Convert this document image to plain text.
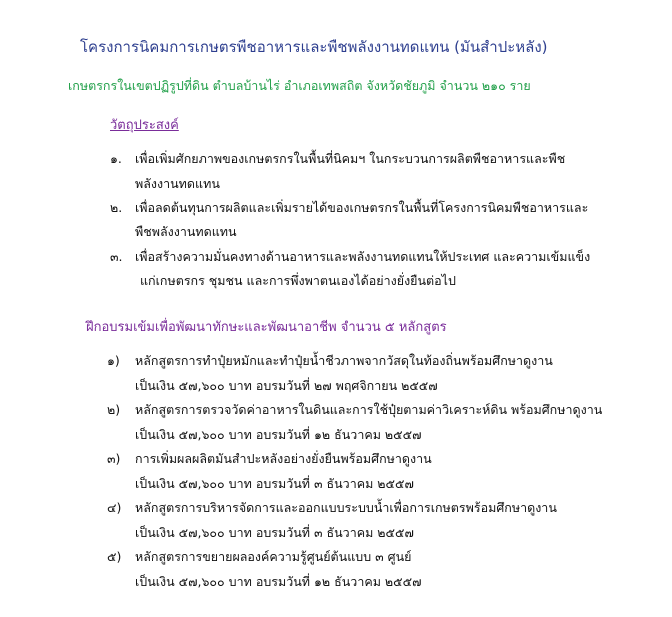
โครงการนิคมการเกษตรพืชอาหารและพืชพลังงานทดแทน (มันสำปะหลัง)
เกษตรกรในเขตปฏิรูปที่ดิน ตำบลบ้านไร่ อำเภอเทพสถิต จังหวัดชัยภูมิ จำนวน ๒๑๐ ราย
วัตถุประสงค์
๑. เพื่อเพิ่มศักยภาพของเกษตรกรในพื้นที่นิคมฯ ในกระบวนการผลิตพืชอาหารและพืช
พลังงานทดแทน
๒. เพื่อลดต้นทุนการผลิตและเพิ่มรายได้ของเกษตรกรในพื้นที่โครงการนิคมพืชอาหารและ
พืชพลังงานทดแทน
๓. เพื่อสร้างความมั่นคงทางด้านอาหารและพลังงานทดแทนให้ประเทศ และความเข้มแข็ง
แก่เกษตรกร ชุมชน และการพึ่งพาตนเองได้อย่างยั่งยืนต่อไป
ฝึกอบรมเข้มเพื่อพัฒนาทักษะและพัฒนาอาชีพ จำนวน ๕ หลักสูตร
๑) หลักสูตรการทำปุ๋ยหมักและทำปุ๋ยน้ำชีวภาพจากวัสดุในท้องถิ่นพร้อมศึกษาดูงาน
เป็นเงิน ๕๗,๖๐๐ บาท อบรมวันที่ ๒๗ พฤศจิกายน ๒๕๕๗
๒) หลักสูตรการตรวจวัดค่าอาหารในดินและการใช้ปุ๋ยตามค่าวิเคราะห์ดิน พร้อมศึกษาดูงาน
เป็นเงิน ๕๗,๖๐๐ บาท อบรมวันที่ ๑๒ ธันวาคม ๒๕๕๗
๓) การเพิ่มผลผลิตมันสำปะหลังอย่างยั่งยืนพร้อมศึกษาดูงาน
เป็นเงิน ๕๗,๖๐๐ บาท อบรมวันที่ ๓ ธันวาคม ๒๕๕๗
๔) หลักสูตรการบริหารจัดการและออกแบบระบบน้ำเพื่อการเกษตรพร้อมศึกษาดูงาน
เป็นเงิน ๕๗,๖๐๐ บาท อบรมวันที่ ๓ ธันวาคม ๒๕๕๗
๕) หลักสูตรการขยายผลองค์ความรู้ศูนย์ต้นแบบ ๓ ศูนย์
เป็นเงิน ๕๗,๖๐๐ บาท อบรมวันที่ ๑๒ ธันวาคม ๒๕๕๗
